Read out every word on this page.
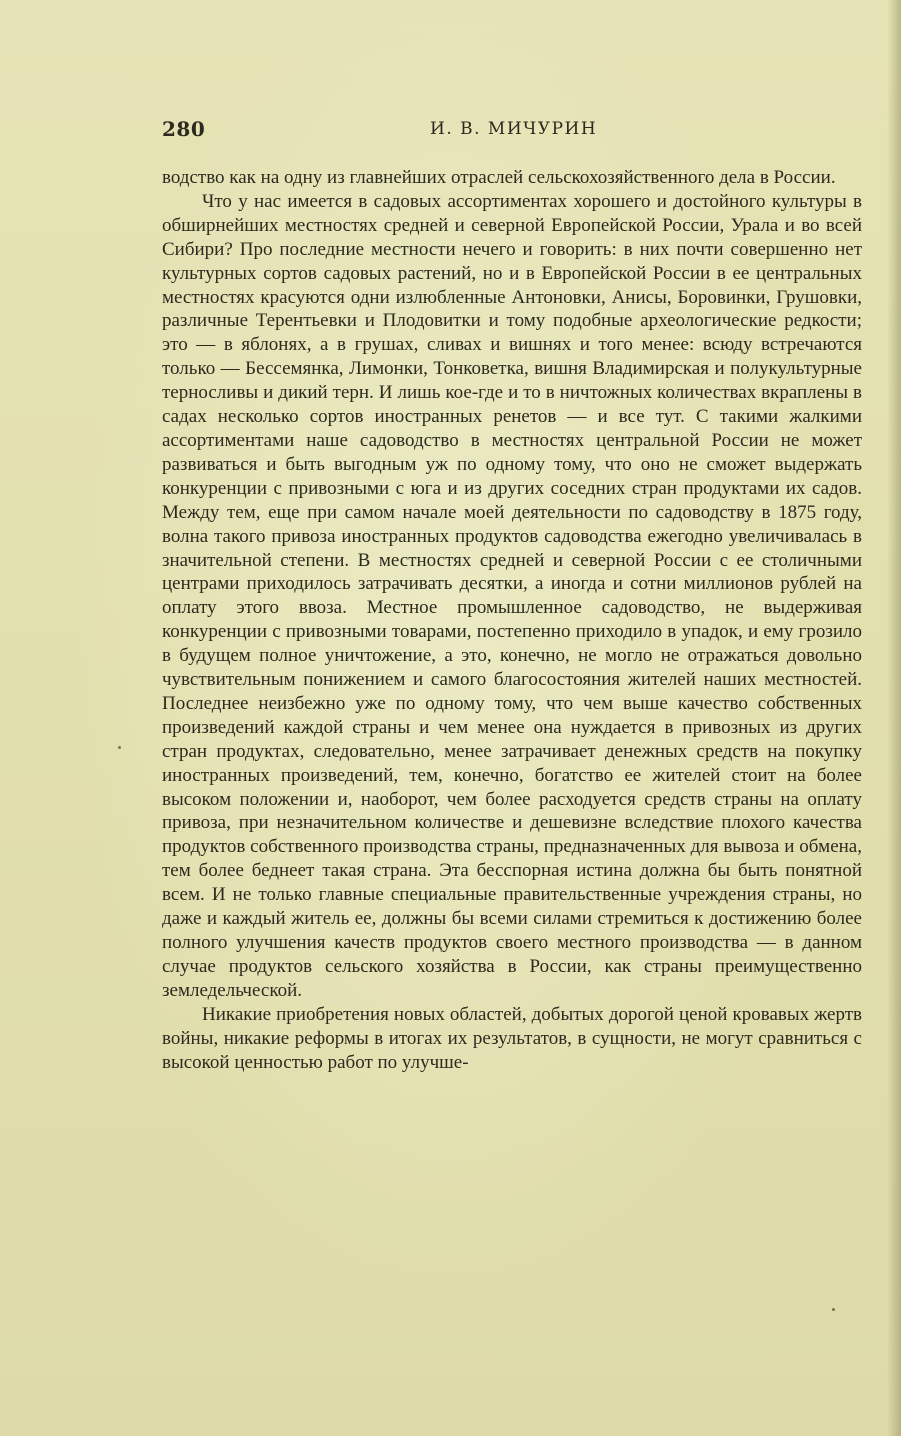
280	И. В. МИЧУРИН

водство как на одну из главнейших отраслей сельскохозяйственного дела в России.

Что у нас имеется в садовых ассортиментах хорошего и достойного культуры в обширнейших местностях средней и северной Европейской России, Урала и во всей Сибири? Про последние местности нечего и говорить: в них почти совершенно нет культурных сортов садовых растений, но и в Европейской России в ее центральных местностях красуются одни излюбленные Антоновки, Анисы, Боровинки, Грушовки, различные Терентьевки и Плодовитки и тому подобные археологические редкости; это — в яблонях, а в грушах, сливах и вишнях и того менее: всюду встречаются только — Бессемянка, Лимонки, Тонковетка, вишня Владимирская и полукультурные терносливы и дикий терн. И лишь кое-где и то в ничтожных количествах вкраплены в садах несколько сортов иностранных ренетов — и все тут. С такими жалкими ассортиментами наше садоводство в местностях центральной России не может развиваться и быть выгодным уж по одному тому, что оно не сможет выдержать конкуренции с привозными с юга и из других соседних стран продуктами их садов. Между тем, еще при самом начале моей деятельности по садоводству в 1875 году, волна такого привоза иностранных продуктов садоводства ежегодно увеличивалась в значительной степени. В местностях средней и северной России с ее столичными центрами приходилось затрачивать десятки, а иногда и сотни миллионов рублей на оплату этого ввоза. Местное промышленное садоводство, не выдерживая конкуренции с привозными товарами, постепенно приходило в упадок, и ему грозило в будущем полное уничтожение, а это, конечно, не могло не отражаться довольно чувствительным понижением и самого благосостояния жителей наших местностей. Последнее неизбежно уже по одному тому, что чем выше качество собственных произведений каждой страны и чем менее она нуждается в привозных из других стран продуктах, следовательно, менее затрачивает денежных средств на покупку иностранных произведений, тем, конечно, богатство ее жителей стоит на более высоком положении и, наоборот, чем более расходуется средств страны на оплату привоза, при незначительном количестве и дешевизне вследствие плохого качества продуктов собственного производства страны, предназначенных для вывоза и обмена, тем более беднеет такая страна. Эта бесспорная истина должна бы быть понятной всем. И не только главные специальные правительственные учреждения страны, но даже и каждый житель ее, должны бы всеми силами стремиться к достижению более полного улучшения качеств продуктов своего местного производства — в данном случае продуктов сельского хозяйства в России, как страны преимущественно земледельческой.

Никакие приобретения новых областей, добытых дорогой ценой кровавых жертв войны, никакие реформы в итогах их результатов, в сущности, не могут сравниться с высокой ценностью работ по улучше-
